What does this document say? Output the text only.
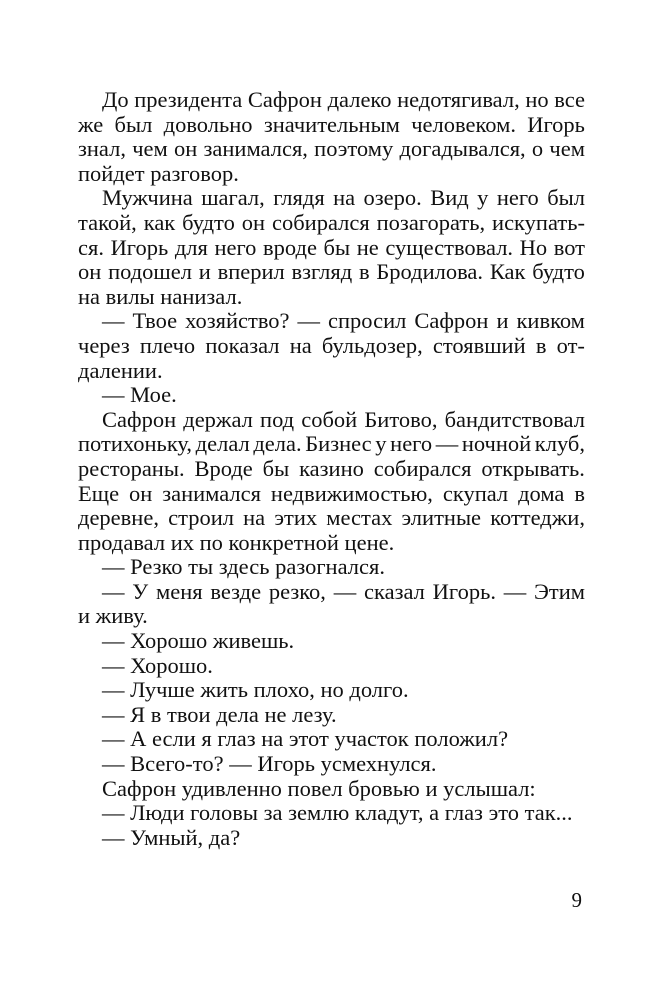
До президента Сафрон далеко недотягивал, но все
же был довольно значительным человеком. Игорь
знал, чем он занимался, поэтому догадывался, о чем
пойдет разговор.
Мужчина шагал, глядя на озеро. Вид у него был
такой, как будто он собирался позагорать, искупать-
ся. Игорь для него вроде бы не существовал. Но вот
он подошел и вперил взгляд в Бродилова. Как будто
на вилы нанизал.
— Твое хозяйство? — спросил Сафрон и кивком
через плечо показал на бульдозер, стоявший в от-
далении.
— Мое.
Сафрон держал под собой Битово, бандитствовал
потихоньку, делал дела. Бизнес у него — ночной клуб,
рестораны. Вроде бы казино собирался открывать.
Еще он занимался недвижимостью, скупал дома в
деревне, строил на этих местах элитные коттеджи,
продавал их по конкретной цене.
— Резко ты здесь разогнался.
— У меня везде резко, — сказал Игорь. — Этим
и живу.
— Хорошо живешь.
— Хорошо.
— Лучше жить плохо, но долго.
— Я в твои дела не лезу.
— А если я глаз на этот участок положил?
— Всего-то? — Игорь усмехнулся.
Сафрон удивленно повел бровью и услышал:
— Люди головы за землю кладут, а глаз это так...
— Умный, да?
9
